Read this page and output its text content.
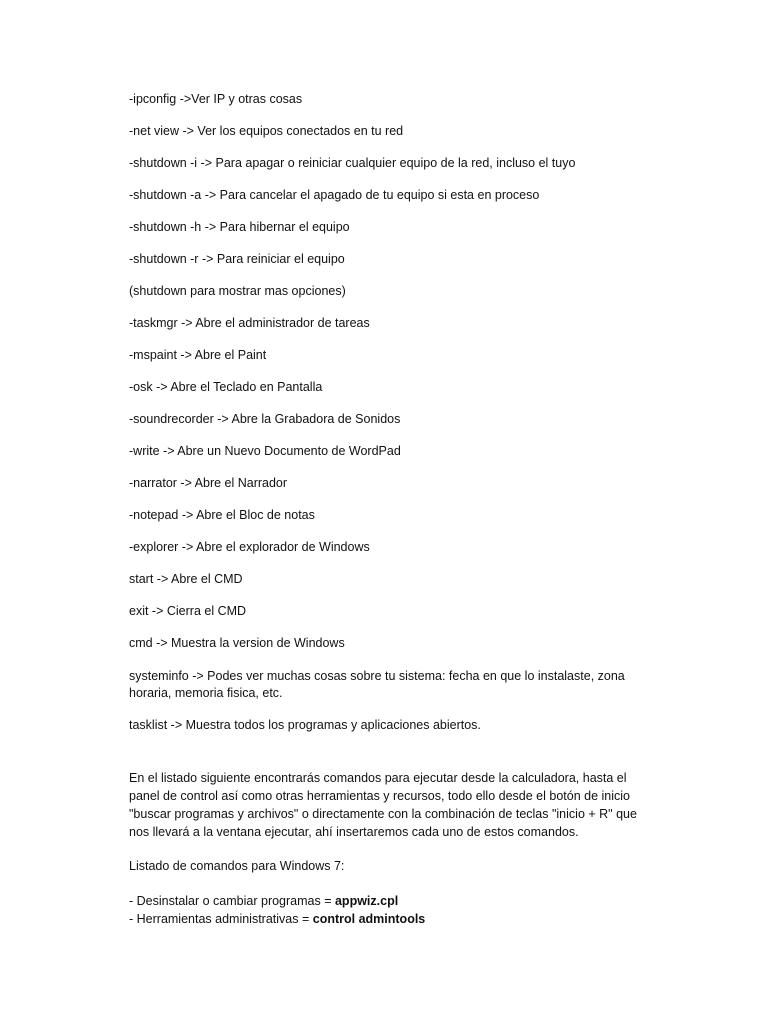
-ipconfig ->Ver IP y otras cosas
-net view -> Ver los equipos conectados en tu red
-shutdown -i -> Para apagar o reiniciar cualquier equipo de la red, incluso el tuyo
-shutdown -a -> Para cancelar el apagado de tu equipo si esta en proceso
-shutdown -h -> Para hibernar el equipo
-shutdown -r -> Para reiniciar el equipo
(shutdown para mostrar mas opciones)
-taskmgr -> Abre el administrador de tareas
-mspaint -> Abre el Paint
-osk -> Abre el Teclado en Pantalla
-soundrecorder -> Abre la Grabadora de Sonidos
-write -> Abre un Nuevo Documento de WordPad
-narrator -> Abre el Narrador
-notepad -> Abre el Bloc de notas
-explorer -> Abre el explorador de Windows
start -> Abre el CMD
exit -> Cierra el CMD
cmd -> Muestra la version de Windows
systeminfo -> Podes ver muchas cosas sobre tu sistema: fecha en que lo instalaste, zona
horaria, memoria fisica, etc.
tasklist -> Muestra todos los programas y aplicaciones abiertos.
En el listado siguiente encontrarás comandos para ejecutar desde la calculadora, hasta el
panel de control así como otras herramientas y recursos, todo ello desde el botón de inicio
"buscar programas y archivos" o directamente con la combinación de teclas "inicio + R" que
nos llevará a la ventana ejecutar, ahí insertaremos cada uno de estos comandos.
Listado de comandos para Windows 7:
- Desinstalar o cambiar programas = appwiz.cpl
- Herramientas administrativas = control admintools
